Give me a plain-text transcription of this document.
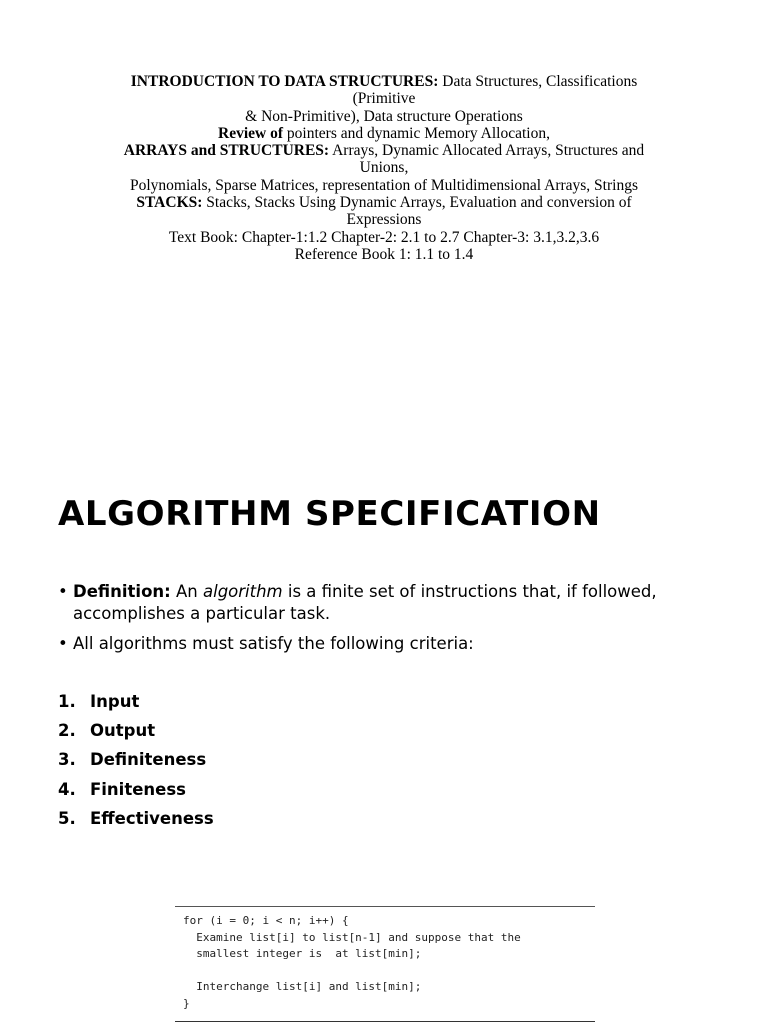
INTRODUCTION TO DATA STRUCTURES: Data Structures, Classifications (Primitive
& Non-Primitive), Data structure Operations
Review of pointers and dynamic Memory Allocation,
ARRAYS and STRUCTURES: Arrays, Dynamic Allocated Arrays, Structures and Unions,
Polynomials, Sparse Matrices, representation of Multidimensional Arrays, Strings
STACKS: Stacks, Stacks Using Dynamic Arrays, Evaluation and conversion of Expressions
Text Book: Chapter-1:1.2 Chapter-2: 2.1 to 2.7 Chapter-3: 3.1,3.2,3.6
Reference Book 1: 1.1 to 1.4
ALGORITHM SPECIFICATION
• Definition: An algorithm is a finite set of instructions that, if followed, accomplishes a particular task.
• All algorithms must satisfy the following criteria:
1. Input
2. Output
3. Definiteness
4. Finiteness
5. Effectiveness
for (i = 0; i < n; i++) {
Examine list[i] to list[n-1] and suppose that the
smallest integer is  at list[min];

Interchange list[i] and list[min];
}
